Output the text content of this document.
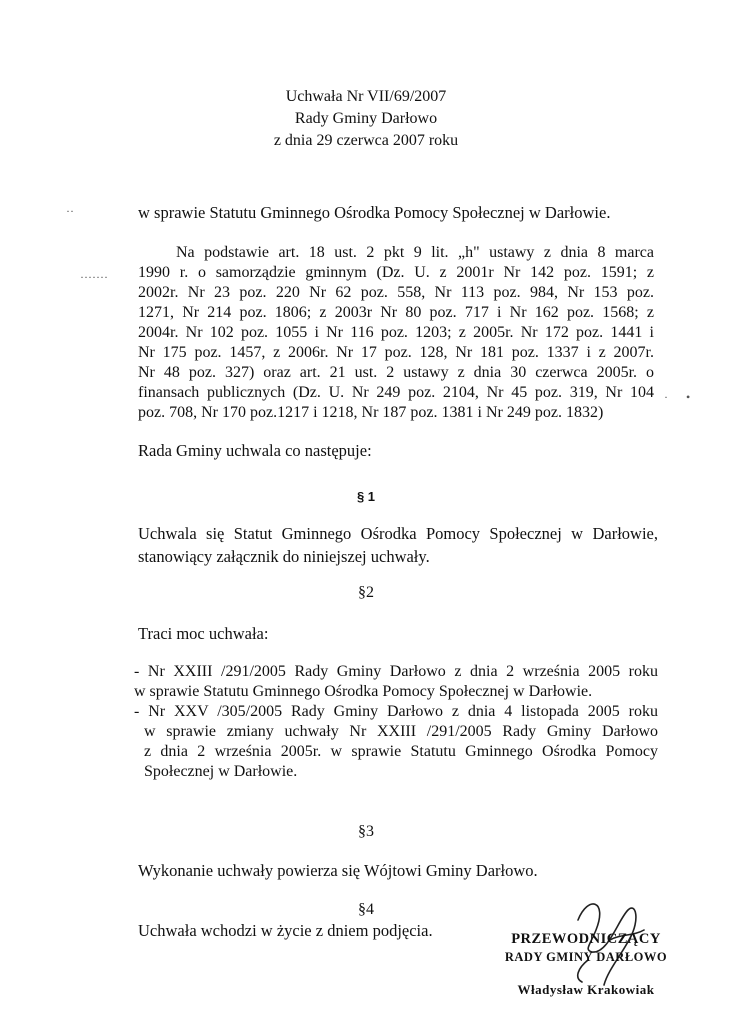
Uchwała Nr VII/69/2007
Rady Gminy Darłowo
z dnia 29 czerwca 2007 roku
··
·······
•
·
w sprawie Statutu Gminnego Ośrodka Pomocy Społecznej w Darłowie.
Na podstawie art. 18 ust. 2 pkt 9 lit. „h" ustawy z dnia 8 marca
1990 r. o samorządzie gminnym (Dz. U. z 2001r Nr 142 poz. 1591; z
2002r. Nr 23 poz. 220 Nr 62 poz. 558, Nr 113 poz. 984, Nr 153 poz.
1271, Nr 214 poz. 1806; z 2003r Nr 80 poz. 717 i Nr 162 poz. 1568; z
2004r. Nr 102 poz. 1055 i Nr 116 poz. 1203; z 2005r. Nr 172 poz. 1441 i
Nr 175 poz. 1457, z 2006r. Nr 17 poz. 128, Nr 181 poz. 1337 i z 2007r.
Nr 48 poz. 327) oraz art. 21 ust. 2 ustawy z dnia 30 czerwca 2005r. o
finansach publicznych (Dz. U. Nr 249 poz. 2104, Nr 45 poz. 319, Nr 104
poz. 708, Nr 170 poz.1217 i 1218, Nr 187 poz. 1381 i Nr 249 poz. 1832)
Rada Gminy uchwala co następuje:
§ 1
Uchwala się Statut Gminnego Ośrodka Pomocy Społecznej w Darłowie,
stanowiący załącznik do niniejszej uchwały.
§2
Traci moc uchwała:
- Nr XXIII /291/2005 Rady Gminy Darłowo z dnia 2 września 2005 roku
w sprawie Statutu Gminnego Ośrodka Pomocy Społecznej w Darłowie.
- Nr XXV /305/2005 Rady Gminy Darłowo z dnia 4 listopada 2005 roku
w sprawie zmiany uchwały Nr XXIII /291/2005 Rady Gminy Darłowo
z dnia 2 września 2005r. w sprawie Statutu Gminnego Ośrodka Pomocy
Społecznej w Darłowie.
§3
Wykonanie uchwały powierza się Wójtowi Gminy Darłowo.
§4
Uchwała wchodzi w życie z dniem podjęcia.	PRZEWODNICZĄCY
RADY GMINY DARŁOWO
Władysław Krakowiak
